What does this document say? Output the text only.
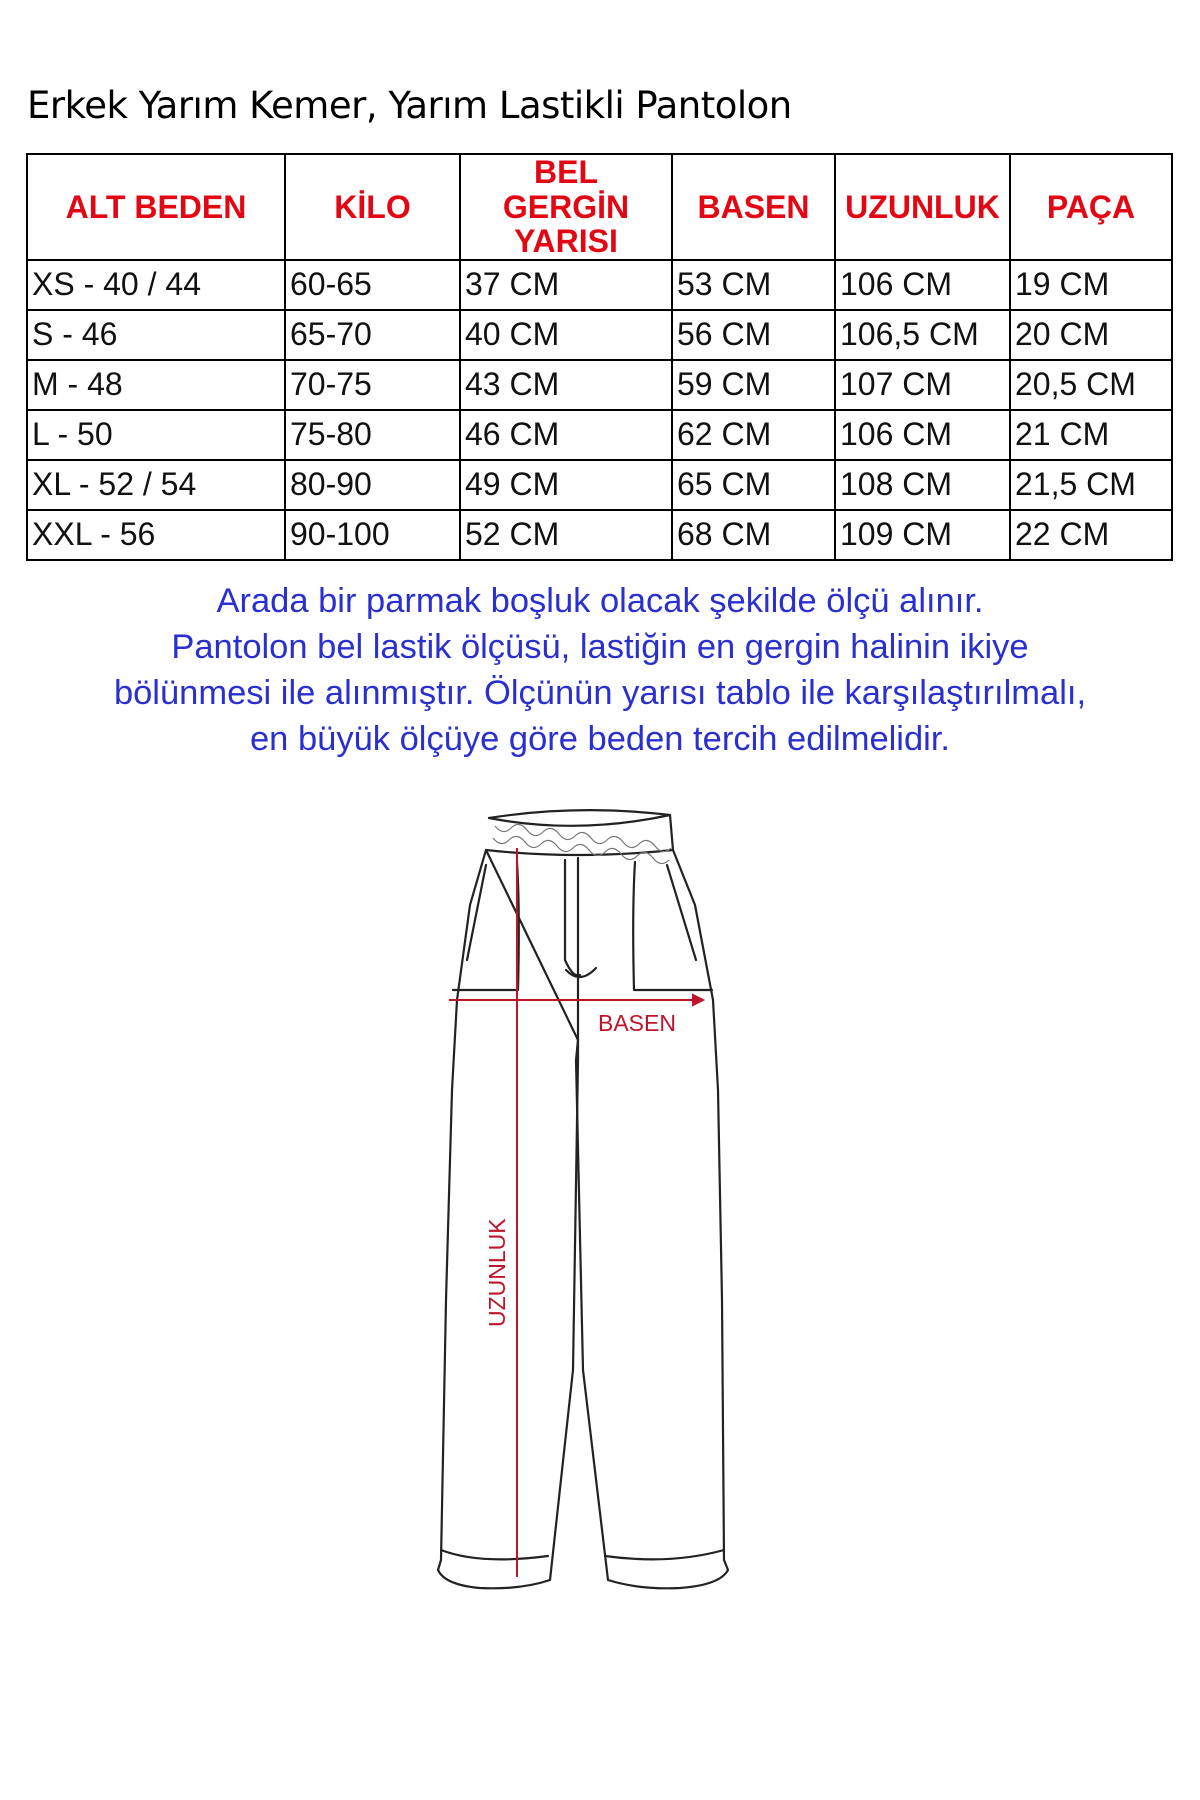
Erkek Yarım Kemer, Yarım Lastikli Pantolon
ALT BEDEN	KİLO	BEL GERGİN YARISI	BASEN	UZUNLUK	PAÇA
XS - 40 / 44	60-65	37 CM	53 CM	106 CM	19 CM
S - 46	65-70	40 CM	56 CM	106,5 CM	20 CM
M - 48	70-75	43 CM	59 CM	107 CM	20,5 CM
L - 50	75-80	46 CM	62 CM	106 CM	21 CM
XL - 52 / 54	80-90	49 CM	65 CM	108 CM	21,5 CM
XXL - 56	90-100	52 CM	68 CM	109 CM	22 CM
Arada bir parmak boşluk olacak şekilde ölçü alınır.
Pantolon bel lastik ölçüsü, lastiğin en gergin halinin ikiye
bölünmesi ile alınmıştır. Ölçünün yarısı tablo ile karşılaştırılmalı,
en büyük ölçüye göre beden tercih edilmelidir.
BASEN
UZUNLUK
